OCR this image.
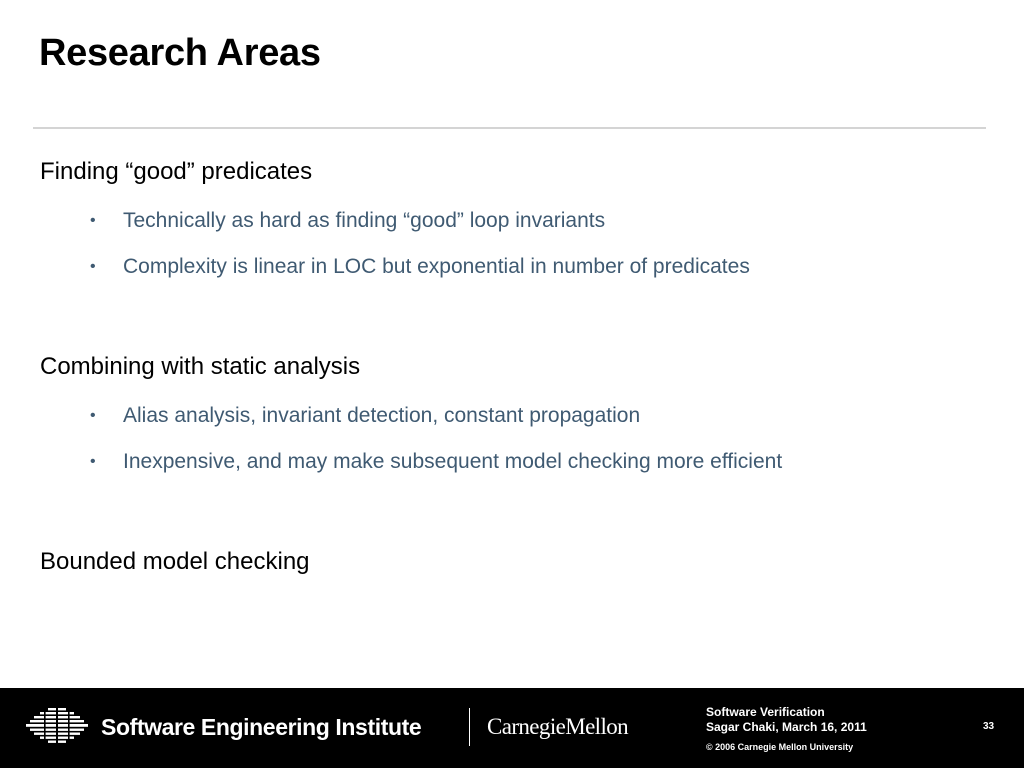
Research Areas
Finding “good” predicates
• Technically as hard as finding “good” loop invariants
• Complexity is linear in LOC but exponential in number of predicates
Combining with static analysis
• Alias analysis, invariant detection, constant propagation
• Inexpensive, and may make subsequent model checking more efficient
Bounded model checking
Software Engineering Institute	CarnegieMellon
Software Verification
Sagar Chaki, March 16, 2011
© 2006 Carnegie Mellon University
33
